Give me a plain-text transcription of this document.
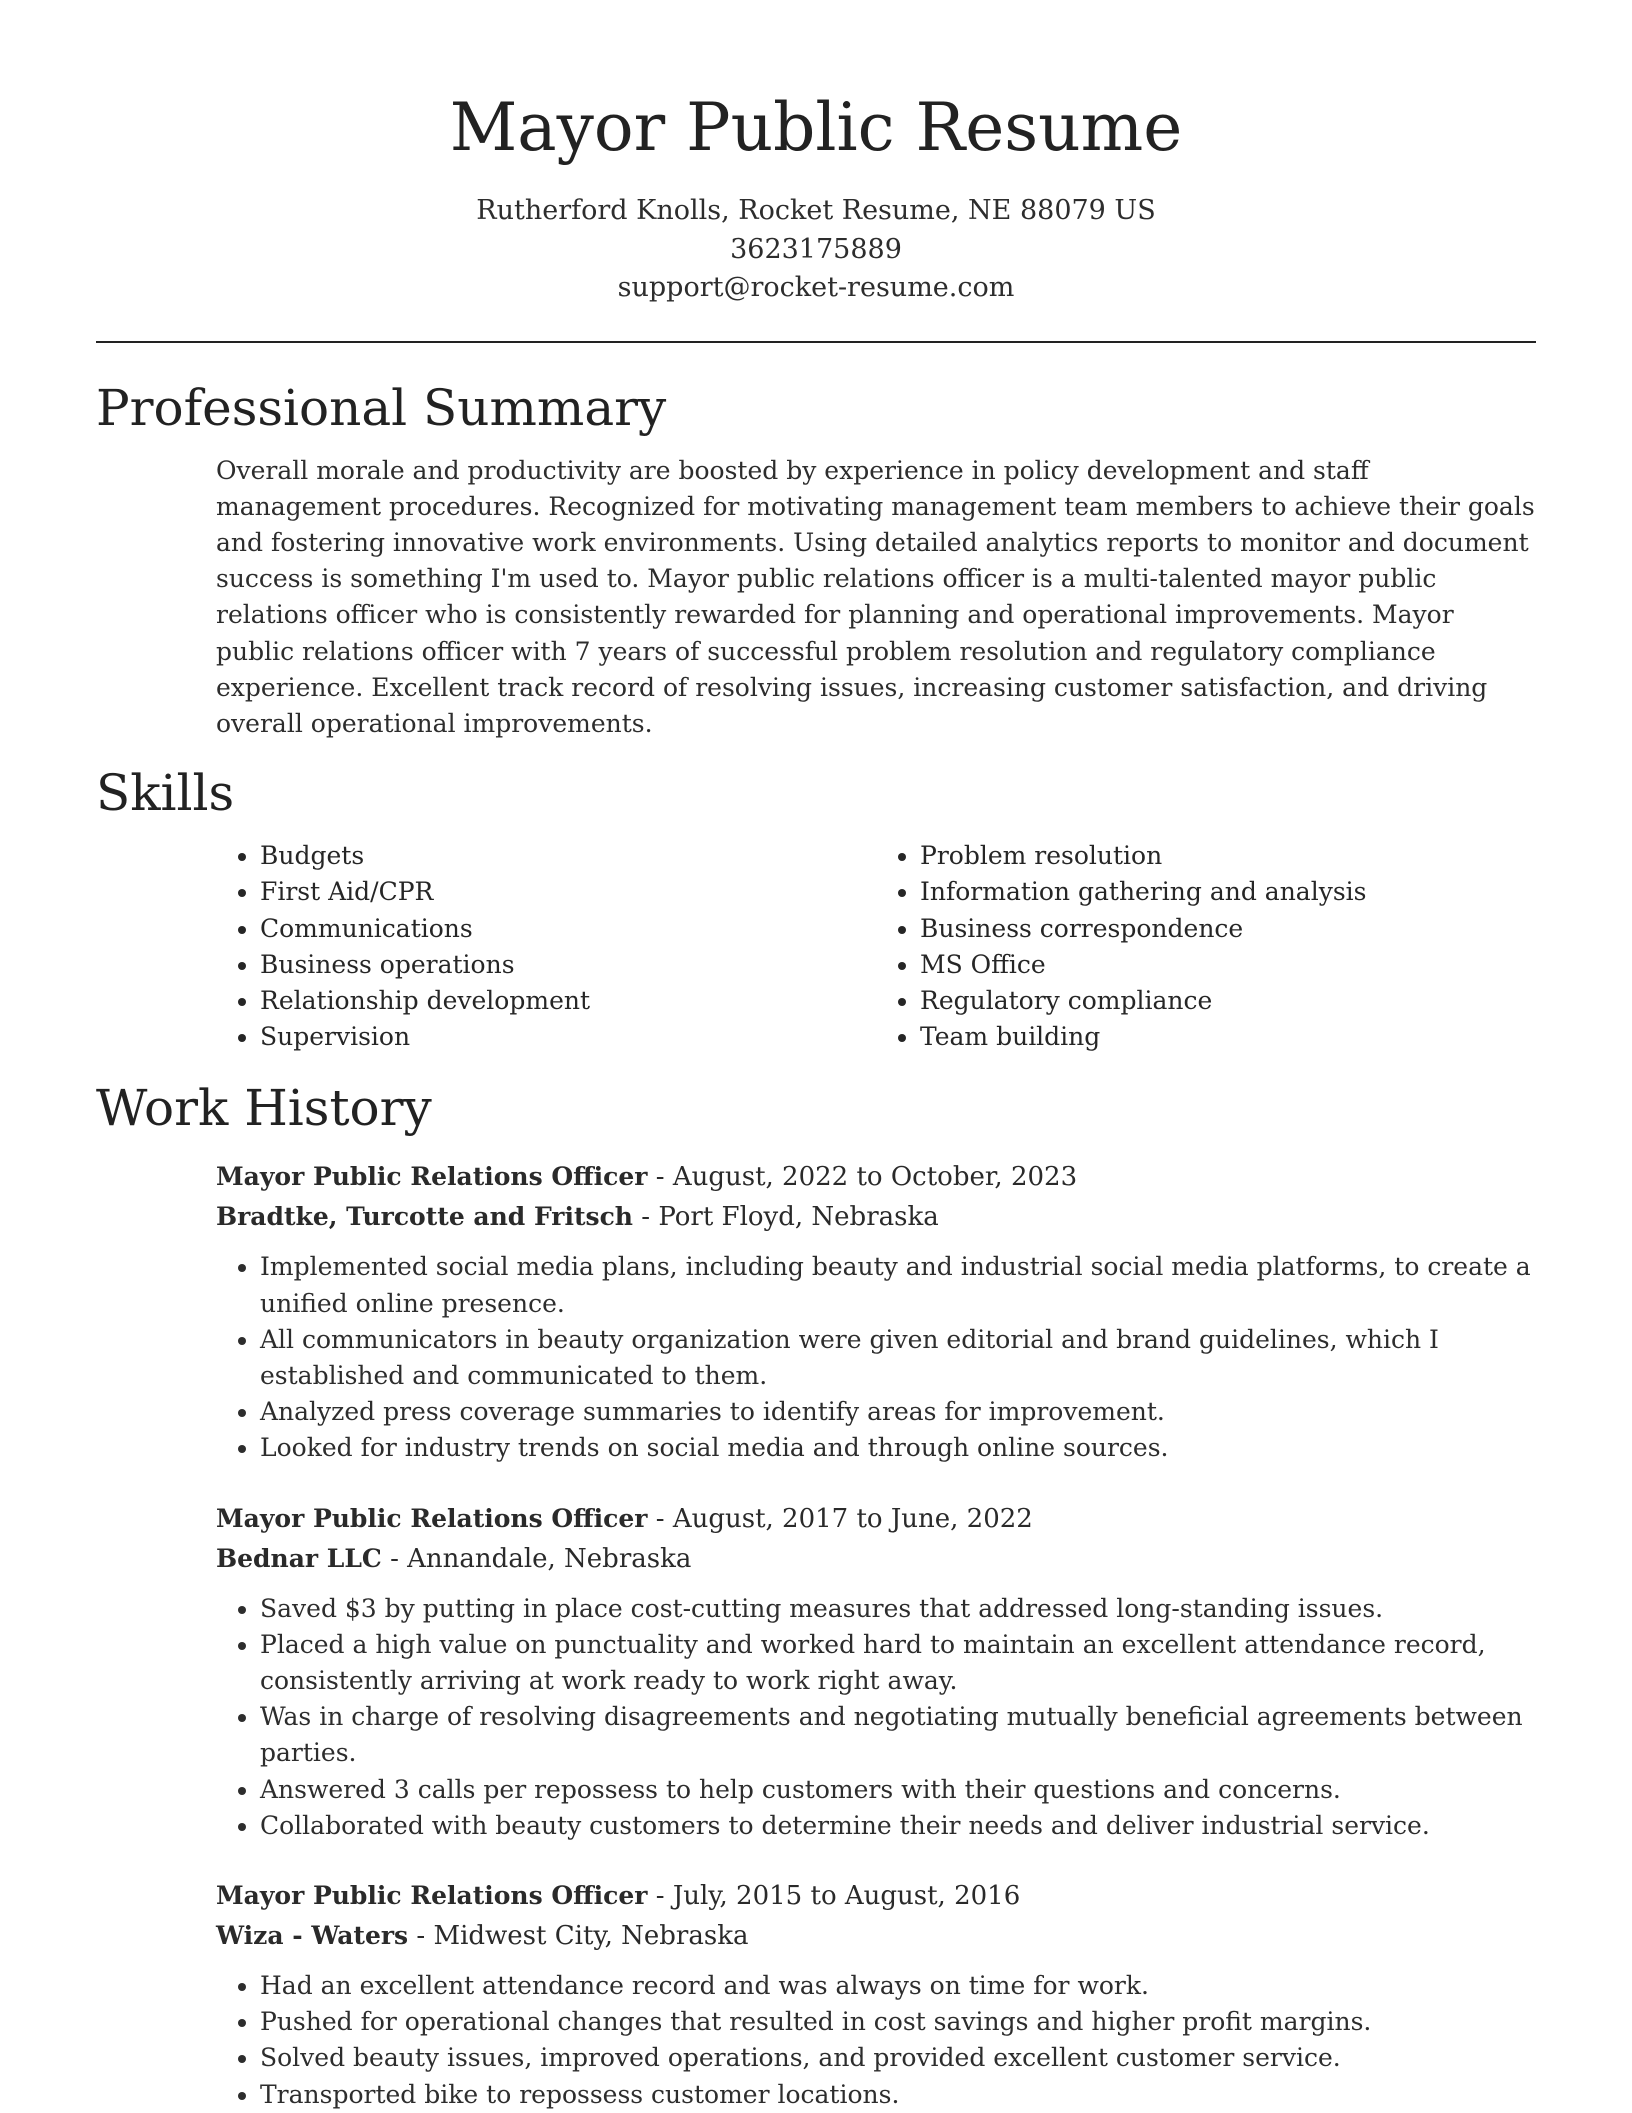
Mayor Public Resume
Rutherford Knolls, Rocket Resume, NE 88079 US
3623175889
support@rocket-resume.com
Professional Summary
Overall morale and productivity are boosted by experience in policy development and staff management procedures. Recognized for motivating management team members to achieve their goals and fostering innovative work environments. Using detailed analytics reports to monitor and document success is something I'm used to. Mayor public relations officer is a multi-talented mayor public relations officer who is consistently rewarded for planning and operational improvements. Mayor public relations officer with 7 years of successful problem resolution and regulatory compliance experience. Excellent track record of resolving issues, increasing customer satisfaction, and driving overall operational improvements.
Skills
• Budgets
• First Aid/CPR
• Communications
• Business operations
• Relationship development
• Supervision
• Problem resolution
• Information gathering and analysis
• Business correspondence
• MS Office
• Regulatory compliance
• Team building
Work History
Mayor Public Relations Officer - August, 2022 to October, 2023
Bradtke, Turcotte and Fritsch - Port Floyd, Nebraska
• Implemented social media plans, including beauty and industrial social media platforms, to create a unified online presence.
• All communicators in beauty organization were given editorial and brand guidelines, which I established and communicated to them.
• Analyzed press coverage summaries to identify areas for improvement.
• Looked for industry trends on social media and through online sources.
Mayor Public Relations Officer - August, 2017 to June, 2022
Bednar LLC - Annandale, Nebraska
• Saved $3 by putting in place cost-cutting measures that addressed long-standing issues.
• Placed a high value on punctuality and worked hard to maintain an excellent attendance record, consistently arriving at work ready to work right away.
• Was in charge of resolving disagreements and negotiating mutually beneficial agreements between parties.
• Answered 3 calls per repossess to help customers with their questions and concerns.
• Collaborated with beauty customers to determine their needs and deliver industrial service.
Mayor Public Relations Officer - July, 2015 to August, 2016
Wiza - Waters - Midwest City, Nebraska
• Had an excellent attendance record and was always on time for work.
• Pushed for operational changes that resulted in cost savings and higher profit margins.
• Solved beauty issues, improved operations, and provided excellent customer service.
• Transported bike to repossess customer locations.
